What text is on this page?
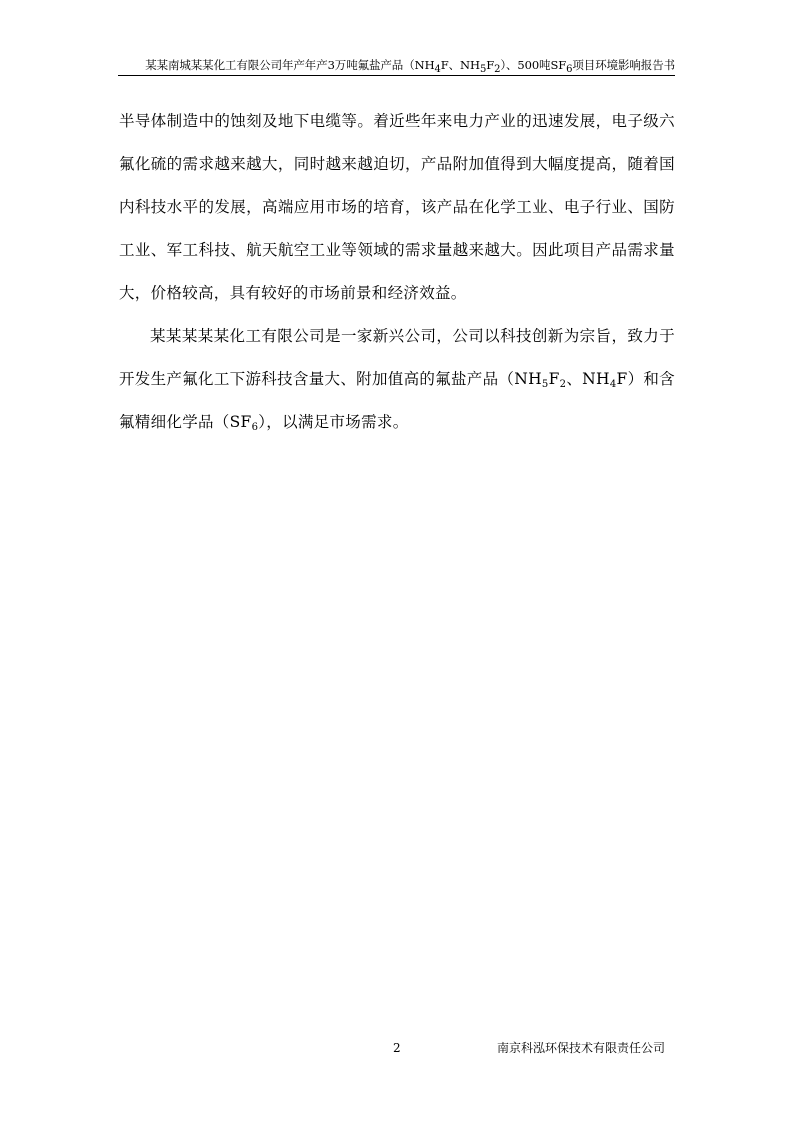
某某南城某某化工有限公司年产年产3万吨氟盐产品（$NH_4F$、$NH_5F_2$）、500吨$SF_6$项目环境影响报告书

半导体制造中的蚀刻及地下电缆等。着近些年来电力产业的迅速发展，电子级六氟化硫的需求越来越大，同时越来越迫切，产品附加值得到大幅度提高，随着国内科技水平的发展，高端应用市场的培育，该产品在化学工业、电子行业、国防工业、军工科技、航天航空工业等领域的需求量越来越大。因此项目产品需求量大，价格较高，具有较好的市场前景和经济效益。

某某某某某化工有限公司是一家新兴公司，公司以科技创新为宗旨，致力于开发生产氟化工下游科技含量大、附加值高的氟盐产品（$NH_5F_2$、$NH_4F$）和含氟精细化学品$(SF_6)$，以满足市场需求。

2	南京科泓环保技术有限责任公司
